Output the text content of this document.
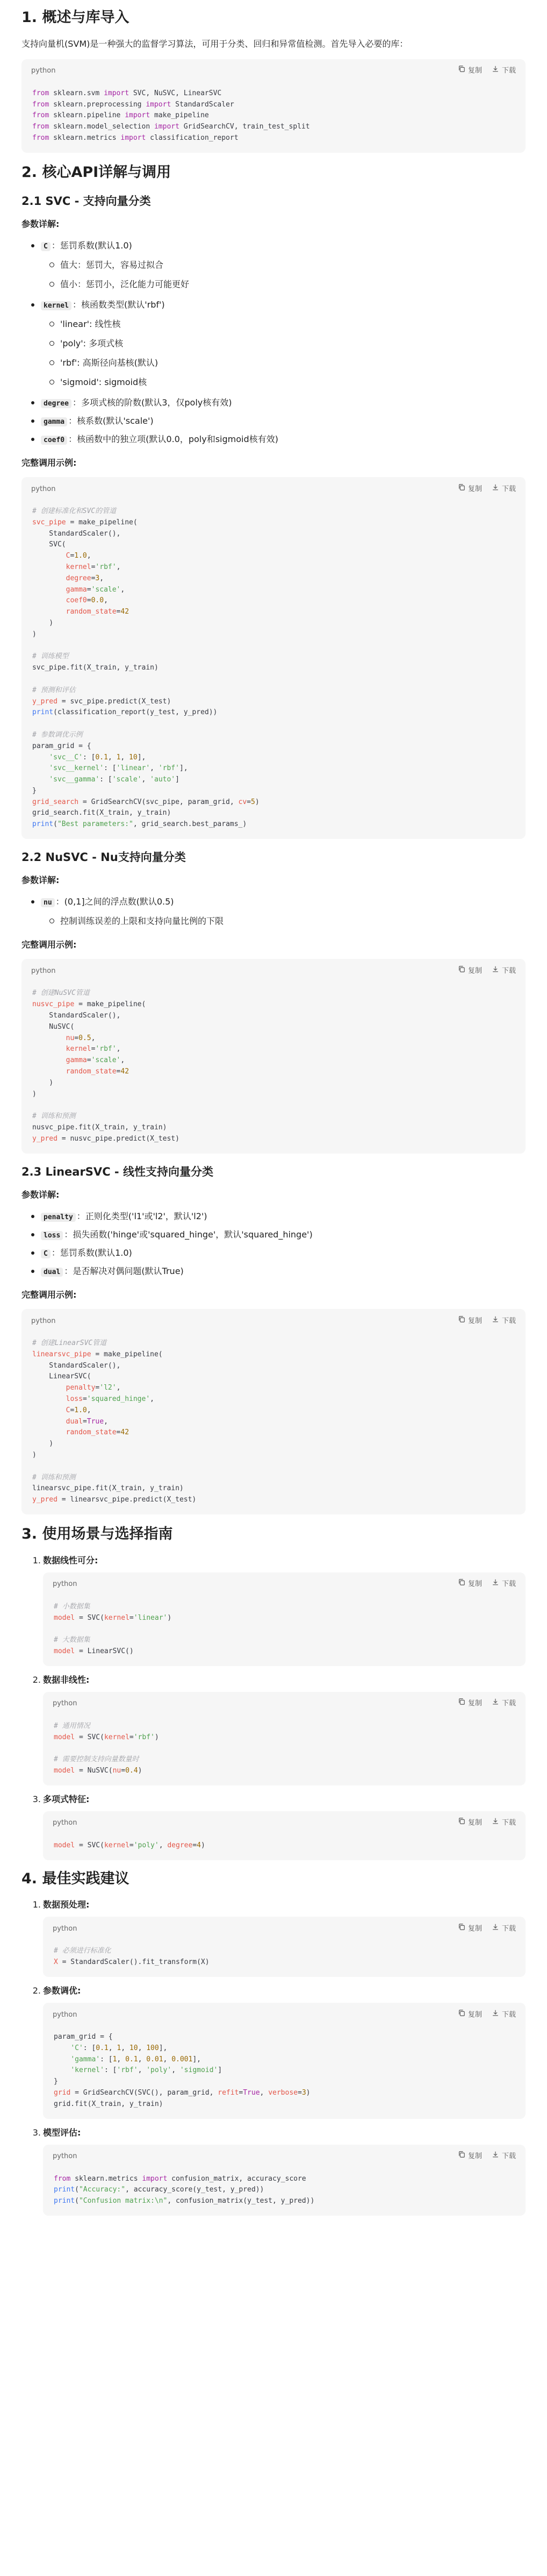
1. 概述与库导入

支持向量机(SVM)是一种强大的监督学习算法，可用于分类、回归和异常值检测。首先导入必要的库：

python	复制	下载
from sklearn.svm import SVC, NuSVC, LinearSVC
from sklearn.preprocessing import StandardScaler
from sklearn.pipeline import make_pipeline
from sklearn.model_selection import GridSearchCV, train_test_split
from sklearn.metrics import classification_report
2. 核心API详解与调用
2.1 SVC - 支持向量分类
参数详解:
C ：惩罚系数(默认1.0)
值大：惩罚大，容易过拟合
值小：惩罚小，泛化能力可能更好
kernel ：核函数类型(默认'rbf')
'linear': 线性核
'poly': 多项式核
'rbf': 高斯径向基核(默认)
'sigmoid': sigmoid核
degree ：多项式核的阶数(默认3，仅poly核有效)
gamma ：核系数(默认'scale')
coef0 ：核函数中的独立项(默认0.0，poly和sigmoid核有效)
完整调用示例:
python	复制	下载
# 创建标准化和SVC的管道
svc_pipe = make_pipeline(
StandardScaler(),
SVC(
C=1.0,
kernel='rbf',
degree=3,
gamma='scale',
coef0=0.0,
random_state=42
)
)

# 训练模型
svc_pipe.fit(X_train, y_train)

# 预测和评估
y_pred = svc_pipe.predict(X_test)
print(classification_report(y_test, y_pred))

# 参数调优示例
param_grid = {
'svc__C': [0.1, 1, 10],
'svc__kernel': ['linear', 'rbf'],
'svc__gamma': ['scale', 'auto']
}
grid_search = GridSearchCV(svc_pipe, param_grid, cv=5)
grid_search.fit(X_train, y_train)
print("Best parameters:", grid_search.best_params_)
2.2 NuSVC - Nu支持向量分类
参数详解:
nu ：(0,1]之间的浮点数(默认0.5)
控制训练误差的上限和支持向量比例的下限
完整调用示例:
python	复制	下载
# 创建NuSVC管道
nusvc_pipe = make_pipeline(
StandardScaler(),
NuSVC(
nu=0.5,
kernel='rbf',
gamma='scale',
random_state=42
)
)

# 训练和预测
nusvc_pipe.fit(X_train, y_train)
y_pred = nusvc_pipe.predict(X_test)
2.3 LinearSVC - 线性支持向量分类
参数详解:
penalty ：正则化类型('l1'或'l2'，默认'l2')
loss ：损失函数('hinge'或'squared_hinge'，默认'squared_hinge')
C ：惩罚系数(默认1.0)
dual ：是否解决对偶问题(默认True)
完整调用示例:
python	复制	下载
# 创建LinearSVC管道
linearsvc_pipe = make_pipeline(
StandardScaler(),
LinearSVC(
penalty='l2',
loss='squared_hinge',
C=1.0,
dual=True,
random_state=42
)
)

# 训练和预测
linearsvc_pipe.fit(X_train, y_train)
y_pred = linearsvc_pipe.predict(X_test)
3. 使用场景与选择指南
1. 数据线性可分:
python	复制	下载
# 小数据集
model = SVC(kernel='linear')

# 大数据集
model = LinearSVC()
2. 数据非线性:
python	复制	下载
# 通用情况
model = SVC(kernel='rbf')

# 需要控制支持向量数量时
model = NuSVC(nu=0.4)
3. 多项式特征:
python	复制	下载
model = SVC(kernel='poly', degree=4)
4. 最佳实践建议
1. 数据预处理:
python	复制	下载
# 必须进行标准化
X = StandardScaler().fit_transform(X)
2. 参数调优:
python	复制	下载
param_grid = {
'C': [0.1, 1, 10, 100],
'gamma': [1, 0.1, 0.01, 0.001],
'kernel': ['rbf', 'poly', 'sigmoid']
}
grid = GridSearchCV(SVC(), param_grid, refit=True, verbose=3)
grid.fit(X_train, y_train)
3. 模型评估:
python	复制	下载
from sklearn.metrics import confusion_matrix, accuracy_score
print("Accuracy:", accuracy_score(y_test, y_pred))
print("Confusion matrix:\n", confusion_matrix(y_test, y_pred))
